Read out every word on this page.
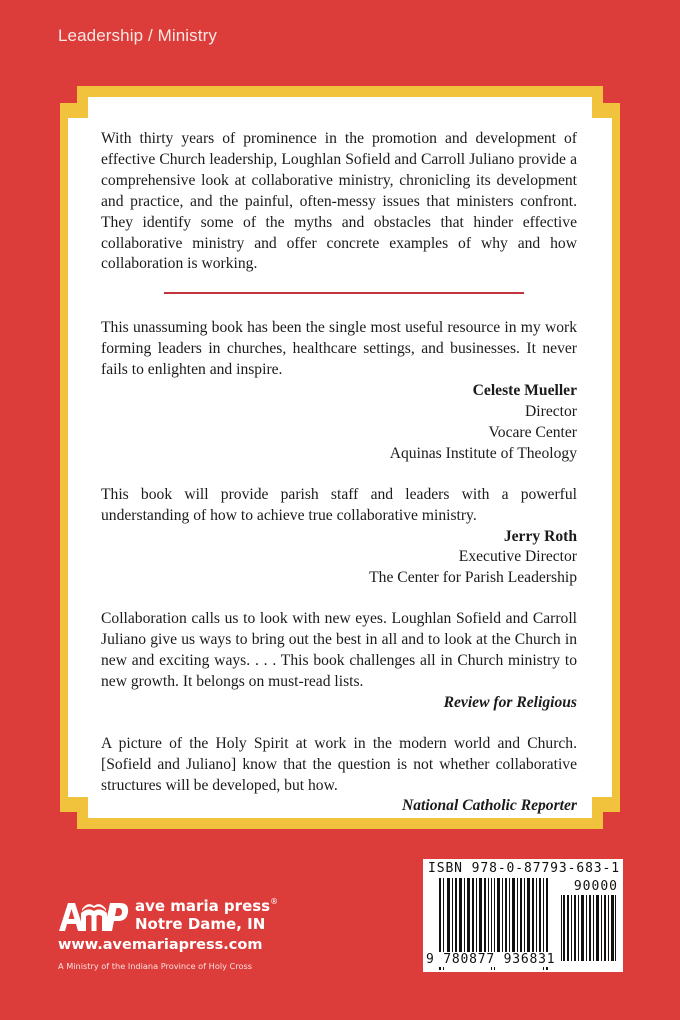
Leadership / Ministry

With thirty years of prominence in the promotion and development of effective Church leadership, Loughlan Sofield and Carroll Juliano provide a comprehensive look at collaborative ministry, chronicling its development and practice, and the painful, often-messy issues that ministers confront. They identify some of the myths and obstacles that hinder effective collaborative ministry and offer concrete examples of why and how collaboration is working.

This unassuming book has been the single most useful resource in my work forming leaders in churches, healthcare settings, and businesses. It never fails to enlighten and inspire.

Celeste Mueller
Director
Vocare Center
Aquinas Institute of Theology

This book will provide parish staff and leaders with a powerful understanding of how to achieve true collaborative ministry.

Jerry Roth
Executive Director
The Center for Parish Leadership

Collaboration calls us to look with new eyes. Loughlan Sofield and Carroll Juliano give us ways to bring out the best in all and to look at the Church in new and exciting ways. . . . This book challenges all in Church ministry to new growth. It belongs on must-read lists.

Review for Religious

A picture of the Holy Spirit at work in the modern world and Church. [Sofield and Juliano] know that the question is not whether collaborative structures will be developed, but how.

National Catholic Reporter
ave maria press®
Notre Dame, IN
www.avemariapress.com
A Ministry of the Indiana Province of Holy Cross
ISBN 978-0-87793-683-1
90000
9 780877 936831
